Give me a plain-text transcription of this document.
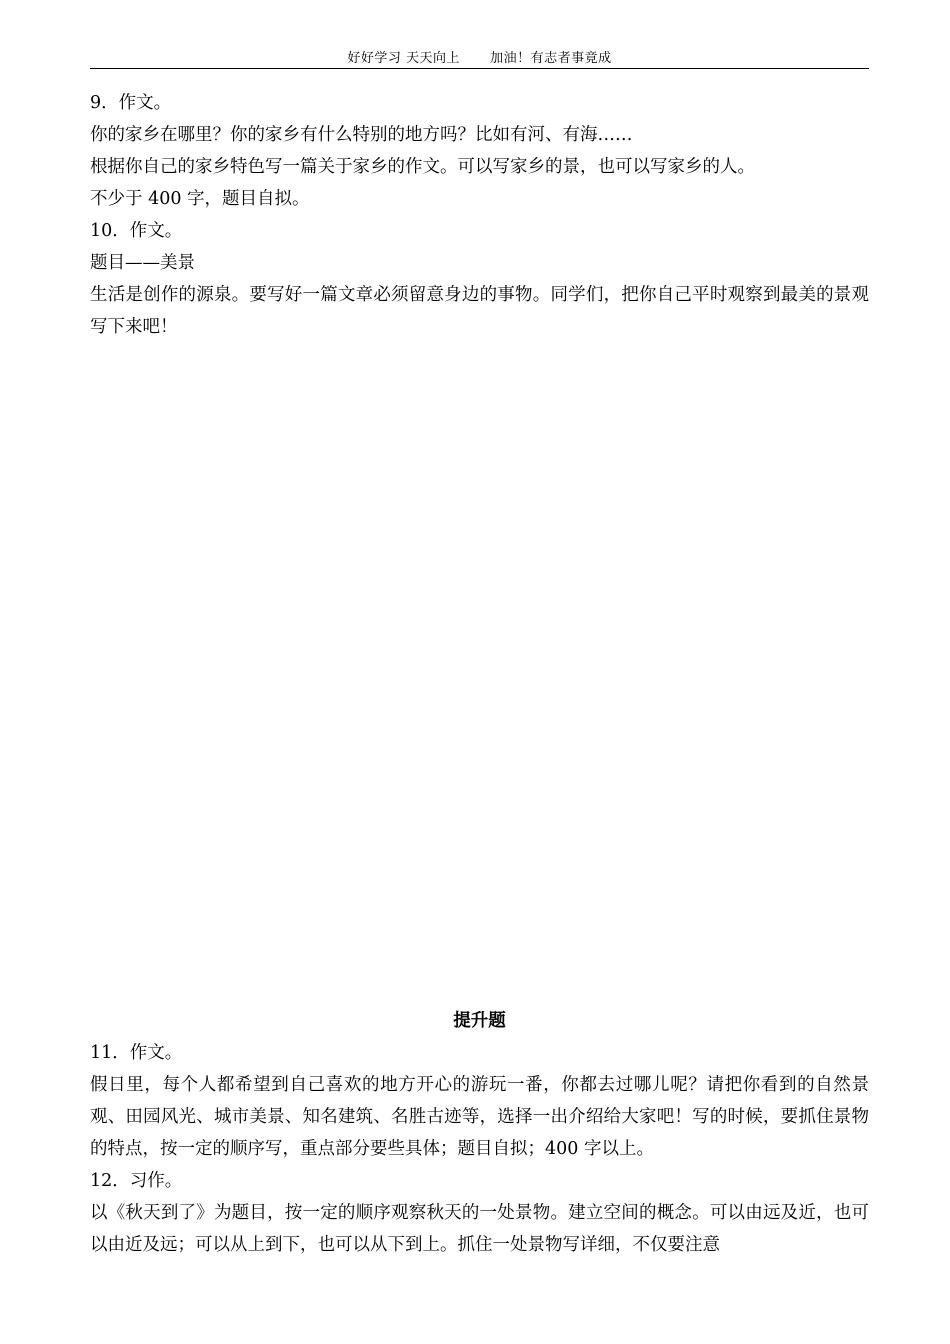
好好学习 天天向上 加油！有志者事竟成

9．作文。

你的家乡在哪里？你的家乡有什么特别的地方吗？比如有河、有海……

根据你自己的家乡特色写一篇关于家乡的作文。可以写家乡的景，也可以写家乡的人。

不少于 400 字，题目自拟。

10．作文。

题目——美景

生活是创作的源泉。要写好一篇文章必须留意身边的事物。同学们，把你自己平时观察到最美的景观写下来吧！

提升题

11．作文。

假日里，每个人都希望到自己喜欢的地方开心的游玩一番，你都去过哪儿呢？请把你看到的自然景观、田园风光、城市美景、知名建筑、名胜古迹等，选择一出介绍给大家吧！写的时候，要抓住景物的特点，按一定的顺序写，重点部分要些具体；题目自拟；400 字以上。

12．习作。

以《秋天到了》为题目，按一定的顺序观察秋天的一处景物。建立空间的概念。可以由远及近，也可以由近及远；可以从上到下，也可以从下到上。抓住一处景物写详细，不仅要注意
